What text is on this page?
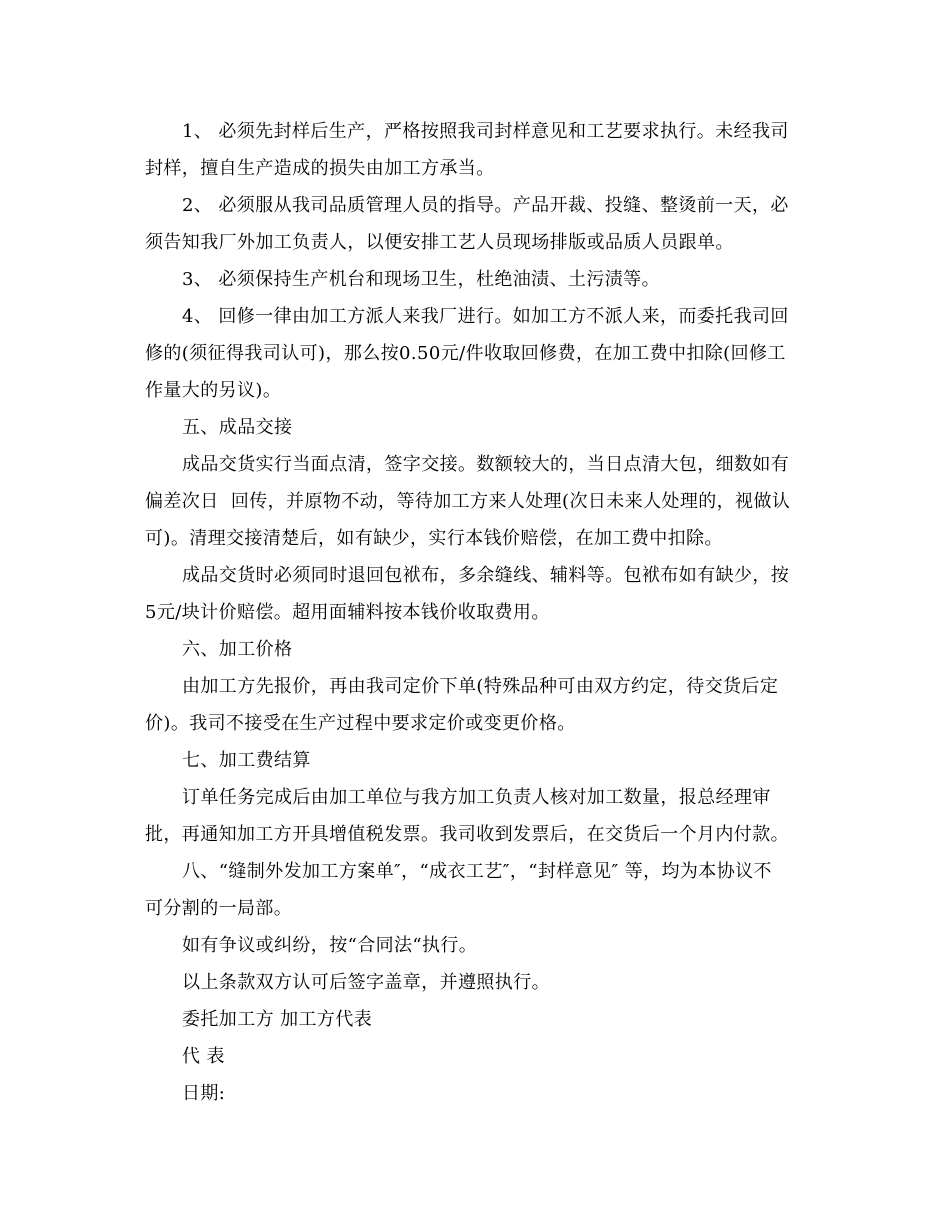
1、 必须先封样后生产，严格按照我司封样意见和工艺要求执行。未经我司
封样，擅自生产造成的损失由加工方承当。
2、 必须服从我司品质管理人员的指导。产品开裁、投缝、整烫前一天，必
须告知我厂外加工负责人，以便安排工艺人员现场排版或品质人员跟单。
3、 必须保持生产机台和现场卫生，杜绝油渍、土污渍等。
4、 回修一律由加工方派人来我厂进行。如加工方不派人来，而委托我司回
修的(须征得我司认可)，那么按0.50元/件收取回修费，在加工费中扣除(回修工
作量大的另议)。
五、成品交接
成品交货实行当面点清，签字交接。数额较大的，当日点清大包，细数如有
偏差次日  回传，并原物不动，等待加工方来人处理(次日未来人处理的，视做认
可)。清理交接清楚后，如有缺少，实行本钱价赔偿，在加工费中扣除。
成品交货时必须同时退回包袱布，多余缝线、辅料等。包袱布如有缺少，按
5元/块计价赔偿。超用面辅料按本钱价收取费用。
六、加工价格
由加工方先报价，再由我司定价下单(特殊品种可由双方约定，待交货后定
价)。我司不接受在生产过程中要求定价或变更价格。
七、加工费结算
订单任务完成后由加工单位与我方加工负责人核对加工数量，报总经理审
批，再通知加工方开具增值税发票。我司收到发票后，在交货后一个月内付款。
八、“缝制外发加工方案单″，“成衣工艺″，“封样意见″ 等，均为本协议不
可分割的一局部。
如有争议或纠纷，按“合同法“执行。
以上条款双方认可后签字盖章，并遵照执行。
委托加工方 加工方代表
代 表
日期:
